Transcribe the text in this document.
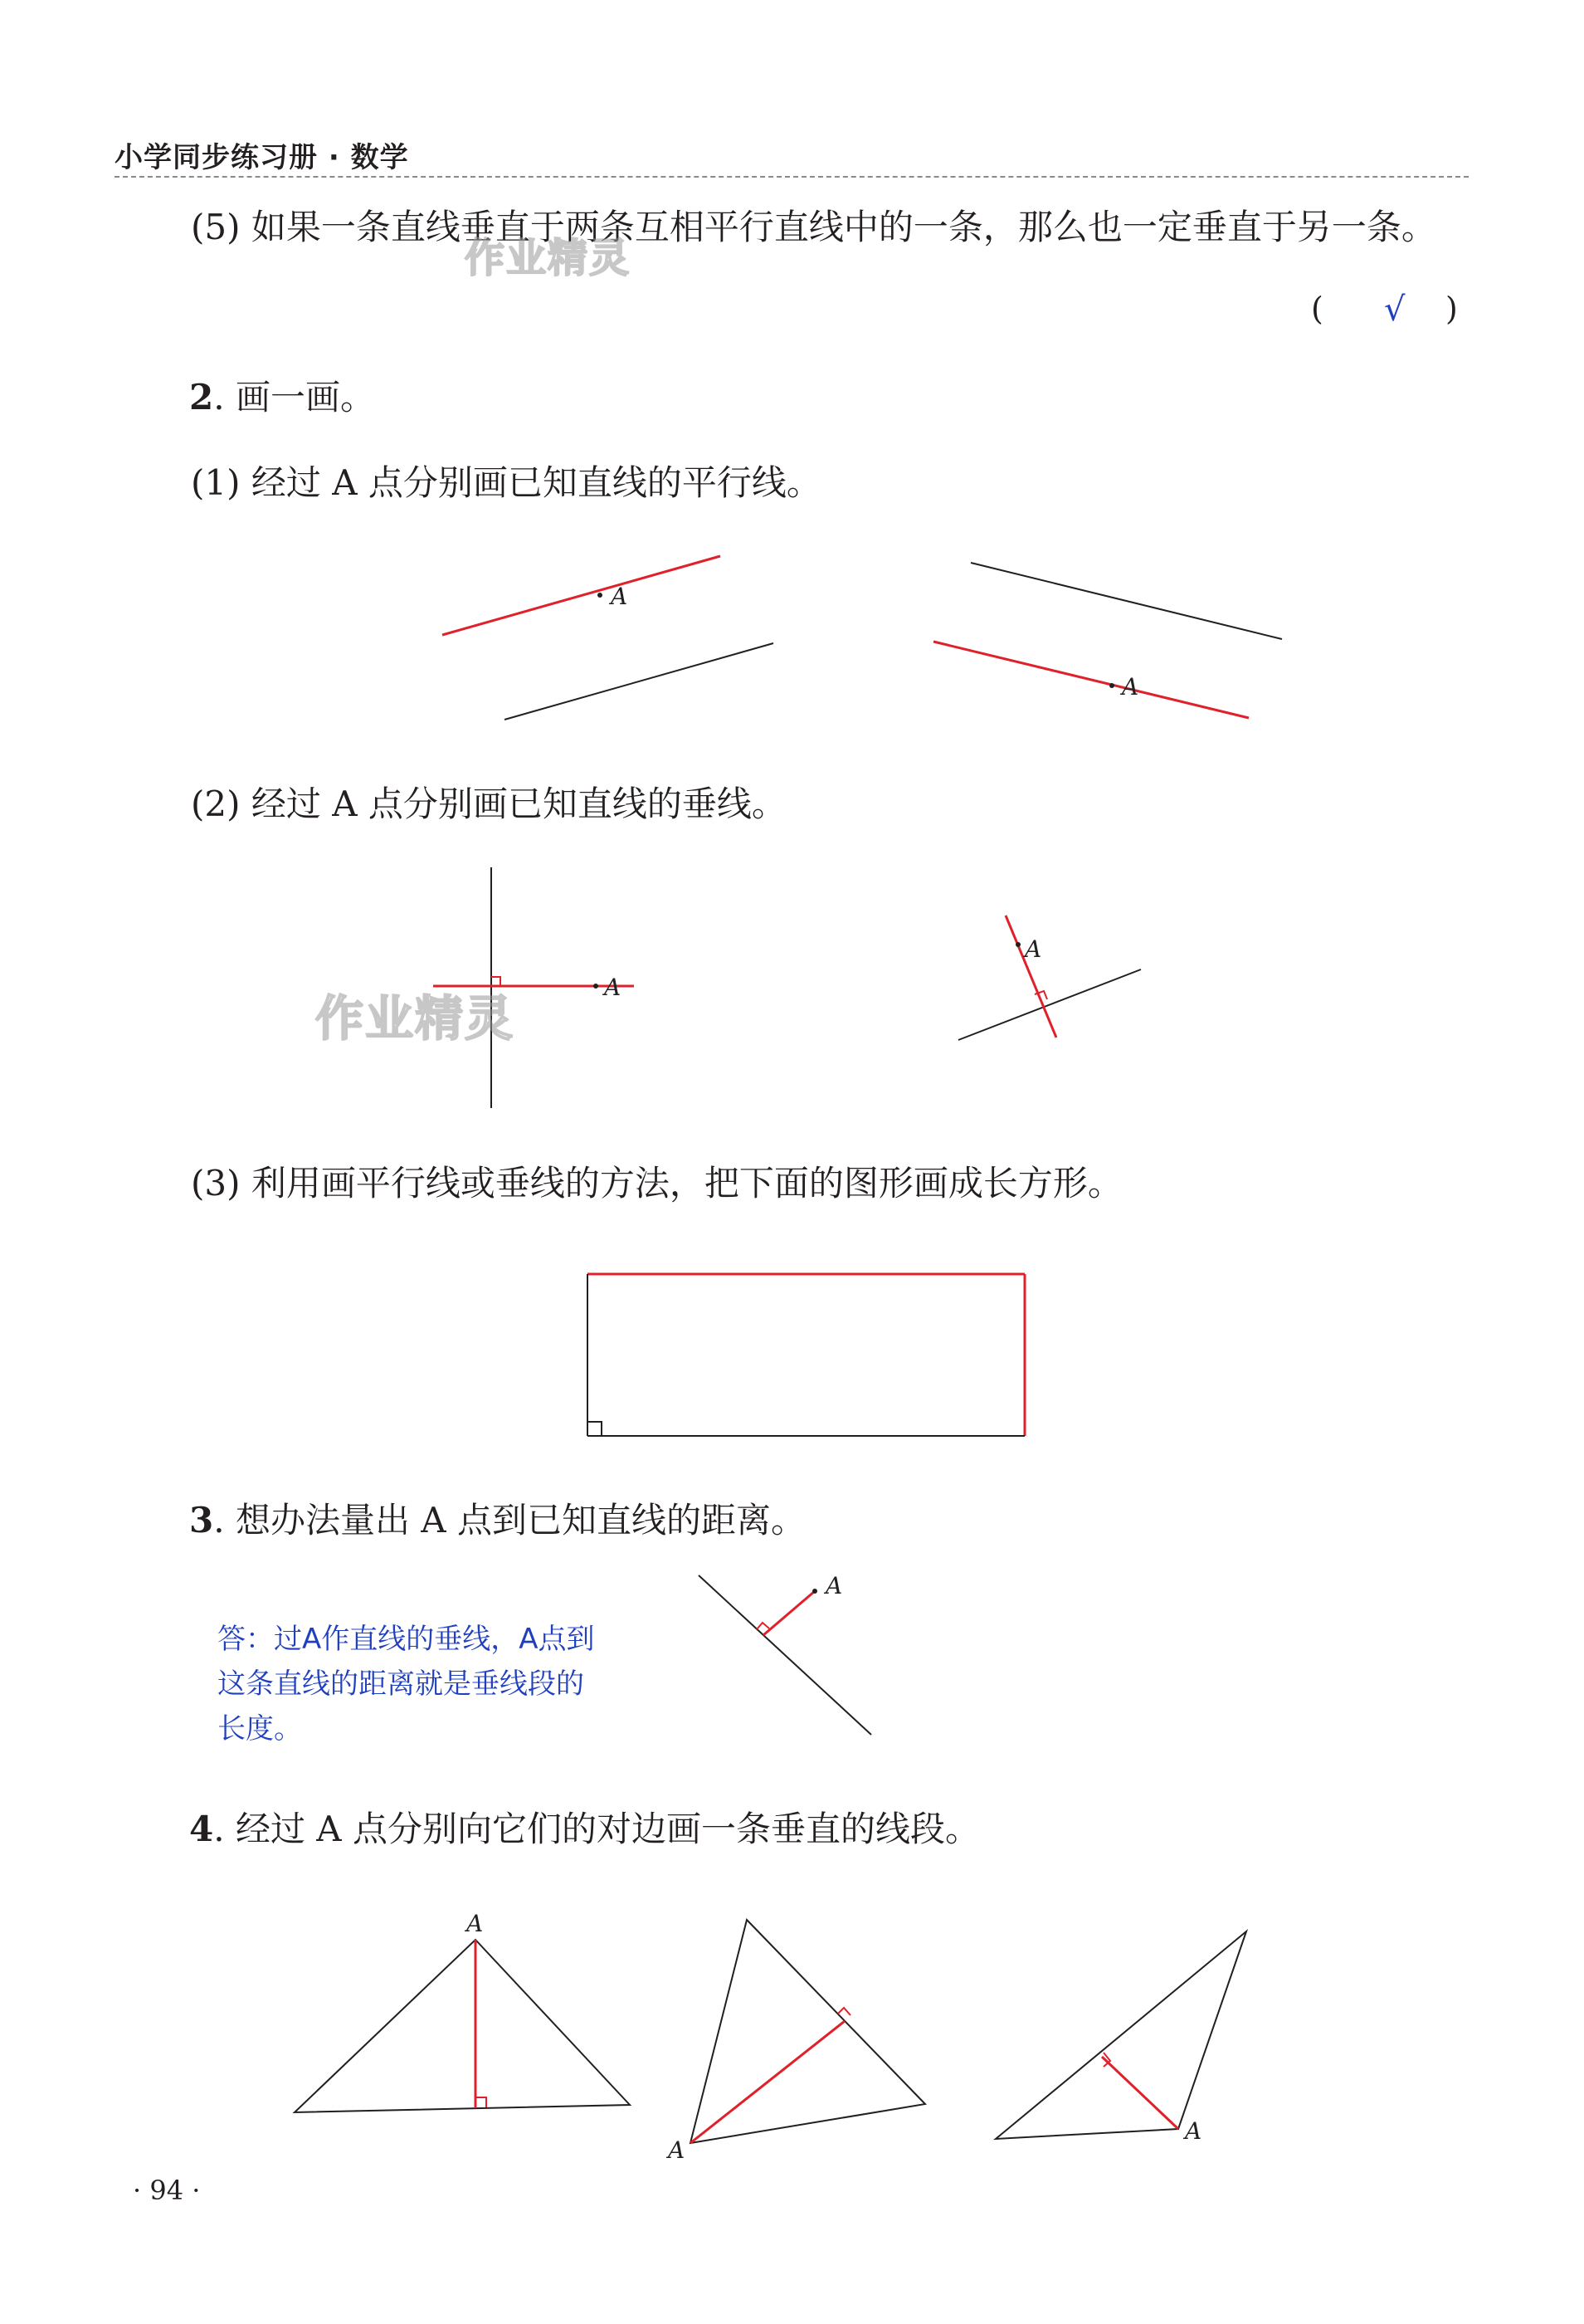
小学同步练习册 · 数学
(5) 如果一条直线垂直于两条互相平行直线中的一条，那么也一定垂直于另一条。
作业精灵
( √ )
2. 画一画。
(1) 经过 A 点分别画已知直线的平行线。
A
A
(2) 经过 A 点分别画已知直线的垂线。
A
A
作业精灵
(3) 利用画平行线或垂线的方法，把下面的图形画成长方形。
3. 想办法量出 A 点到已知直线的距离。
答：过A作直线的垂线，A点到
这条直线的距离就是垂线段的
长度。
A
4. 经过 A 点分别向它们的对边画一条垂直的线段。
A
A
A
· 94 ·
